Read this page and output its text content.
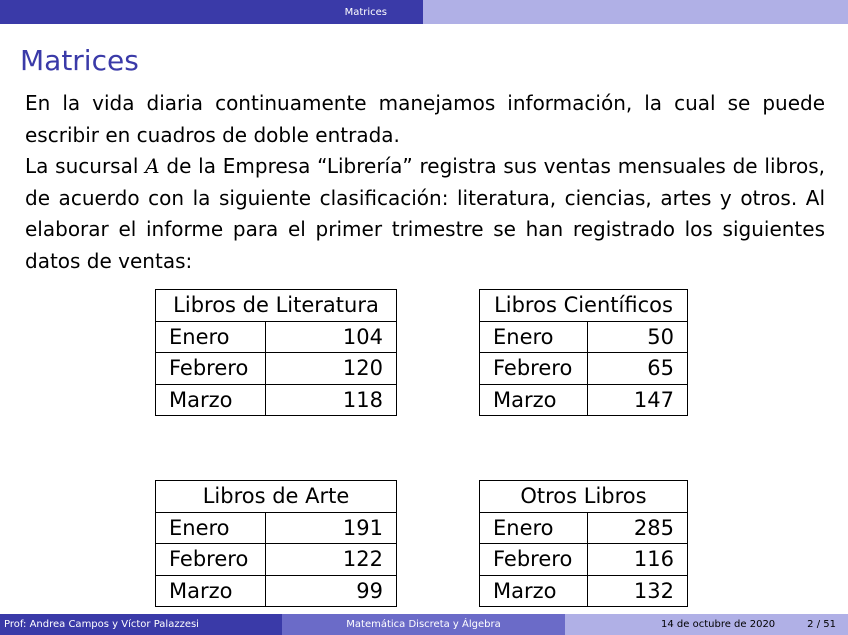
Matrices
Matrices

En la vida diaria continuamente manejamos información, la cual se puede escribir en cuadros de doble entrada.

La sucursal A de la Empresa “Librería” registra sus ventas mensuales de libros, de acuerdo con la siguiente clasificación: literatura, ciencias, artes y otros. Al elaborar el informe para el primer trimestre se han registrado los siguientes datos de ventas:

Libros de Literatura	
Enero	104
Febrero	120
Marzo	118
Libros Científicos	
Enero	50
Febrero	65
Marzo	147
Libros de Arte	
Enero	191
Febrero	122
Marzo	99
Otros Libros	
Enero	285
Febrero	116
Marzo	132
Prof: Andrea Campos y Víctor Palazzesi	Matemática Discreta y Álgebra	14 de octubre de 2020	2 / 51
